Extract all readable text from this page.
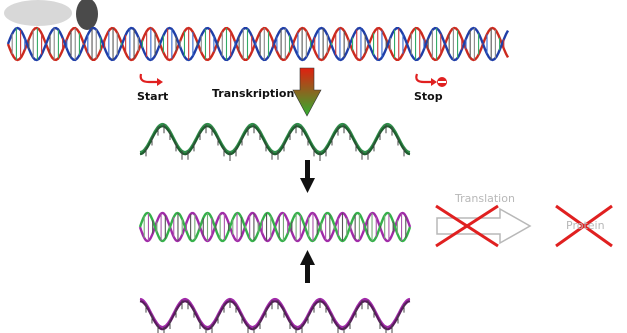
Start	Transkription	Stop
Translation
Protein
